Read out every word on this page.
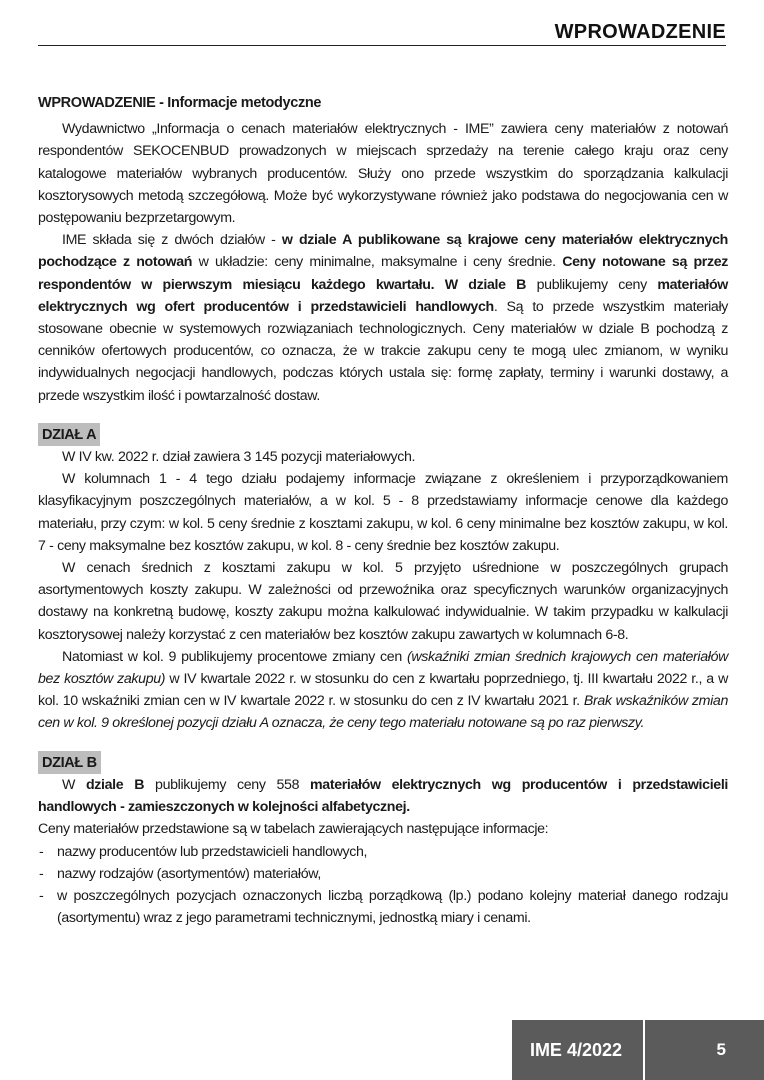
WPROWADZENIE
WPROWADZENIE - Informacje metodyczne

Wydawnictwo „Informacja o cenach materiałów elektrycznych - IME” zawiera ceny materiałów z notowań respondentów SEKOCENBUD prowadzonych w miejscach sprzedaży na terenie całego kraju oraz ceny katalogowe materiałów wybranych producentów. Służy ono przede wszystkim do sporządzania kalkulacji kosztorysowych metodą szczegółową. Może być wykorzystywane również jako podstawa do negocjowania cen w postępowaniu bezprzetargowym.

IME składa się z dwóch działów - w dziale A publikowane są krajowe ceny materiałów elektrycznych pochodzące z notowań w układzie: ceny minimalne, maksymalne i ceny średnie. Ceny notowane są przez respondentów w pierwszym miesiącu każdego kwartału. W dziale B publikujemy ceny materiałów elektrycznych wg ofert producentów i przedstawicieli handlowych. Są to przede wszystkim materiały stosowane obecnie w systemowych rozwiązaniach technologicznych. Ceny materiałów w dziale B pochodzą z cenników ofertowych producentów, co oznacza, że w trakcie zakupu ceny te mogą ulec zmianom, w wyniku indywidualnych negocjacji handlowych, podczas których ustala się: formę zapłaty, terminy i warunki dostawy, a przede wszystkim ilość i powtarzalność dostaw.

DZIAŁ A

W IV kw. 2022 r. dział zawiera 3 145 pozycji materiałowych.

W kolumnach 1 - 4 tego działu podajemy informacje związane z określeniem i przyporządkowaniem klasyfikacyjnym poszczególnych materiałów, a w kol. 5 - 8 przedstawiamy informacje cenowe dla każdego materiału, przy czym: w kol. 5 ceny średnie z kosztami zakupu, w kol. 6 ceny minimalne bez kosztów zakupu, w kol. 7 - ceny maksymalne bez kosztów zakupu, w kol. 8 - ceny średnie bez kosztów zakupu.

W cenach średnich z kosztami zakupu w kol. 5 przyjęto uśrednione w poszczególnych grupach asortymentowych koszty zakupu. W zależności od przewoźnika oraz specyficznych warunków organizacyjnych dostawy na konkretną budowę, koszty zakupu można kalkulować indywidualnie. W takim przypadku w kalkulacji kosztorysowej należy korzystać z cen materiałów bez kosztów zakupu zawartych w kolumnach 6-8.

Natomiast w kol. 9 publikujemy procentowe zmiany cen (wskaźniki zmian średnich krajowych cen materiałów bez kosztów zakupu) w IV kwartale 2022 r. w stosunku do cen z kwartału poprzedniego, tj. III kwartału 2022 r., a w kol. 10 wskaźniki zmian cen w IV kwartale 2022 r. w stosunku do cen z IV kwartału 2021 r. Brak wskaźników zmian cen w kol. 9 określonej pozycji działu A oznacza, że ceny tego materiału notowane są po raz pierwszy.

DZIAŁ B

W dziale B publikujemy ceny 558 materiałów elektrycznych wg producentów i przedstawicieli handlowych - zamieszczonych w kolejności alfabetycznej.

Ceny materiałów przedstawione są w tabelach zawierających następujące informacje:

- nazwy producentów lub przedstawicieli handlowych,
- nazwy rodzajów (asortymentów) materiałów,
- w poszczególnych pozycjach oznaczonych liczbą porządkową (lp.) podano kolejny materiał danego rodzaju (asortymentu) wraz z jego parametrami technicznymi, jednostką miary i cenami.
IME 4/2022	5
